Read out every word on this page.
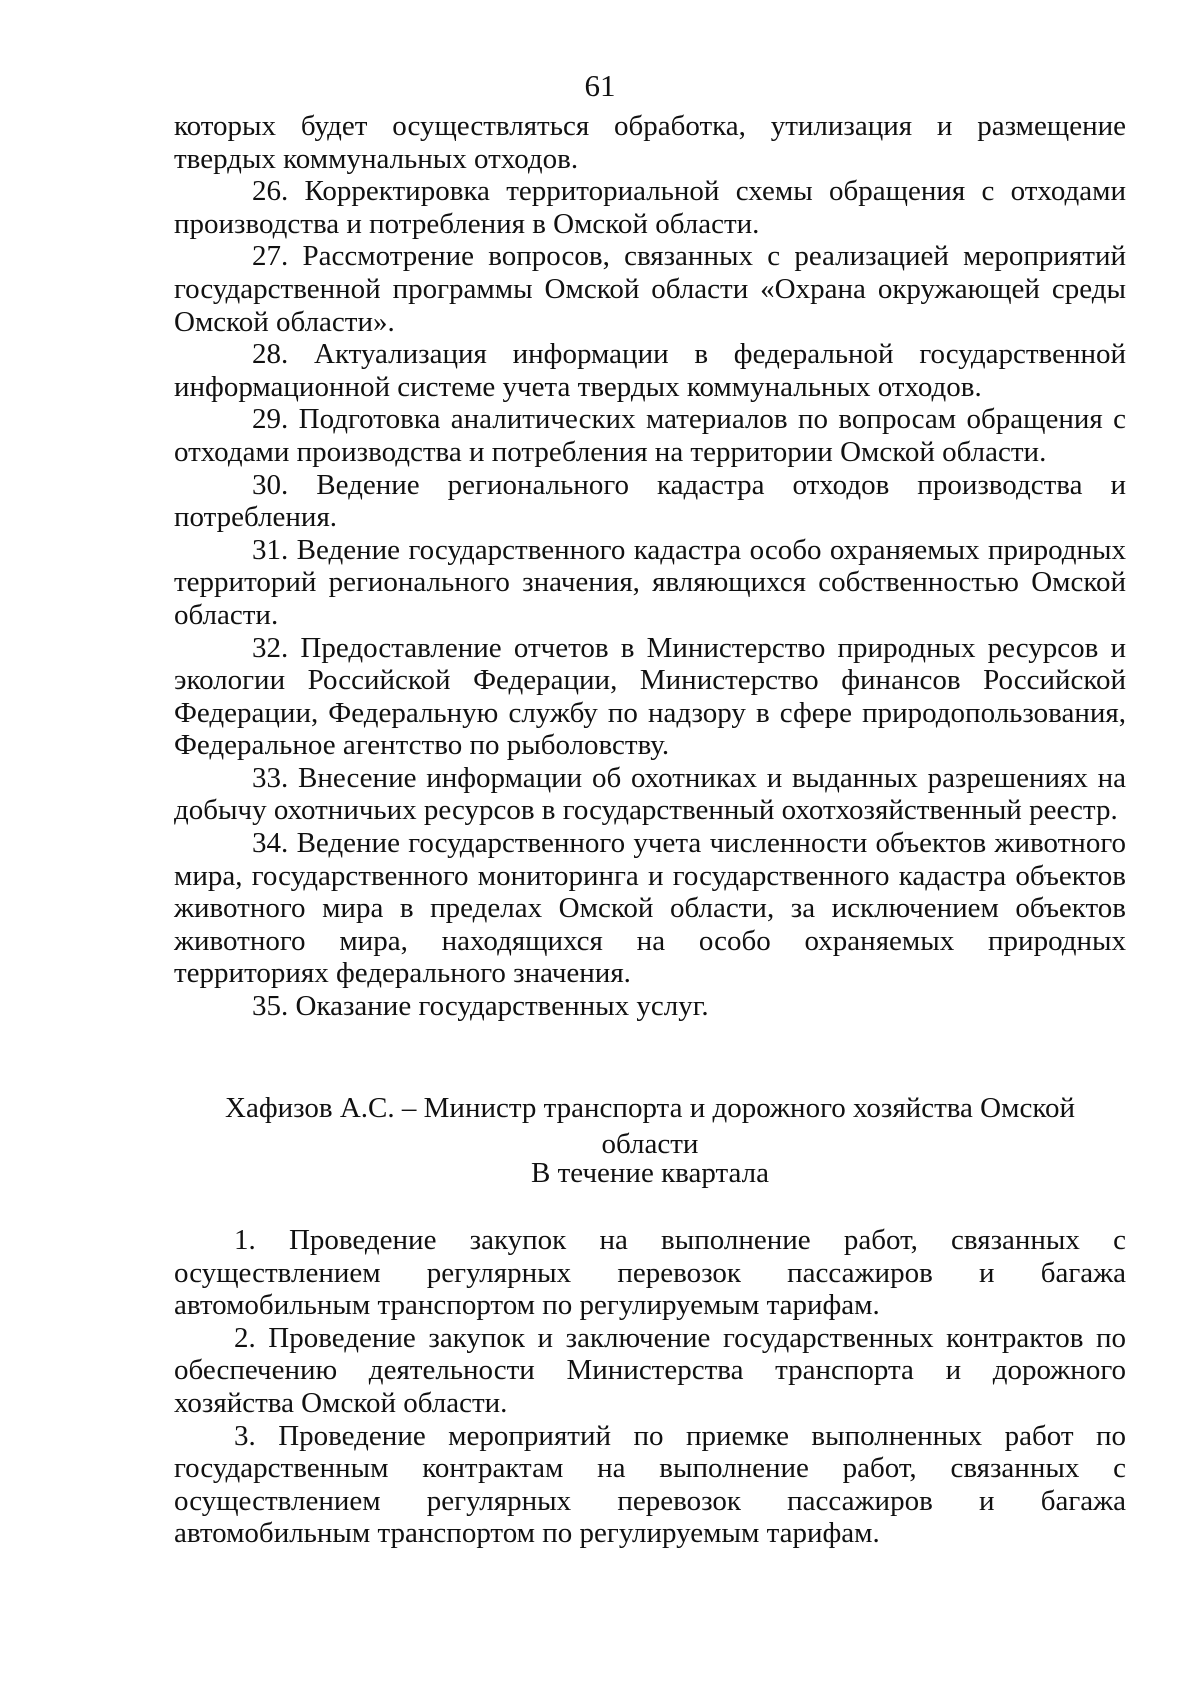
61

которых будет осуществляться обработка, утилизация и размещение твердых коммунальных отходов.

26. Корректировка территориальной схемы обращения с отходами производства и потребления в Омской области.

27. Рассмотрение вопросов, связанных с реализацией мероприятий государственной программы Омской области «Охрана окружающей среды Омской области».

28. Актуализация информации в федеральной государственной информационной системе учета твердых коммунальных отходов.

29. Подготовка аналитических материалов по вопросам обращения с отходами производства и потребления на территории Омской области.

30. Ведение регионального кадастра отходов производства и потребления.

31. Ведение государственного кадастра особо охраняемых природных территорий регионального значения, являющихся собственностью Омской области.

32. Предоставление отчетов в Министерство природных ресурсов и экологии Российской Федерации, Министерство финансов Российской Федерации, Федеральную службу по надзору в сфере природопользования, Федеральное агентство по рыболовству.

33. Внесение информации об охотниках и выданных разрешениях на добычу охотничьих ресурсов в государственный охотхозяйственный реестр.

34. Ведение государственного учета численности объектов животного мира, государственного мониторинга и государственного кадастра объектов животного мира в пределах Омской области, за исключением объектов животного мира, находящихся на особо охраняемых природных территориях федерального значения.

35. Оказание государственных услуг.

Хафизов А.С. – Министр транспорта и дорожного хозяйства Омской области

В течение квартала

1. Проведение закупок на выполнение работ, связанных с осуществлением регулярных перевозок пассажиров и багажа автомобильным транспортом по регулируемым тарифам.

2. Проведение закупок и заключение государственных контрактов по обеспечению деятельности Министерства транспорта и дорожного хозяйства Омской области.

3. Проведение мероприятий по приемке выполненных работ по государственным контрактам на выполнение работ, связанных с осуществлением регулярных перевозок пассажиров и багажа автомобильным транспортом по регулируемым тарифам.
